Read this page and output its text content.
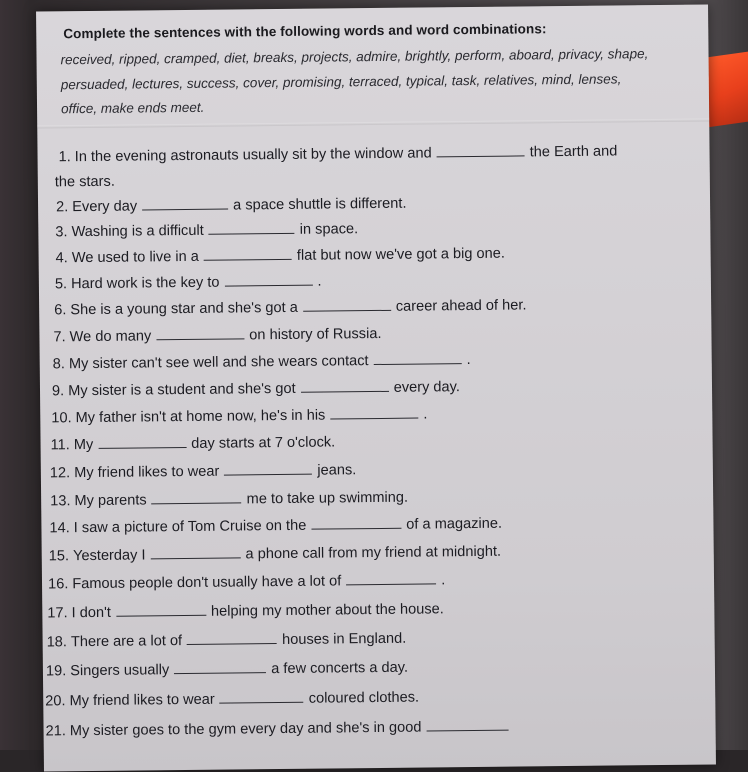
Complete the sentences with the following words and word combinations:
received, ripped, cramped, diet, breaks, projects, admire, brightly, perform, aboard, privacy, shape, persuaded, lectures, success, cover, promising, terraced, typical, task, relatives, mind, lenses, office, make ends meet.
1. In the evening astronauts usually sit by the window and	the Earth and
2. Every day	a space shuttle is different.
3. Washing is a difficult	in space.
4. We used to live in a	flat but now we've got a big one.
5. Hard work is the key to	.
6. She is a young star and she's got a	career ahead of her.
7. We do many	on history of Russia.
8. My sister can't see well and she wears contact	.
9. My sister is a student and she's got	every day.
10. My father isn't at home now, he's in his	.
11. My	day starts at 7 o'clock.
12. My friend likes to wear	jeans.
13. My parents	me to take up swimming.
14. I saw a picture of Tom Cruise on the	of a magazine.
15. Yesterday I	a phone call from my friend at midnight.
16. Famous people don't usually have a lot of	.
17. I don't	helping my mother about the house.
18. There are a lot of	houses in England.
19. Singers usually	a few concerts a day.
20. My friend likes to wear	coloured clothes.
21. My sister goes to the gym every day and she's in good
the stars.
